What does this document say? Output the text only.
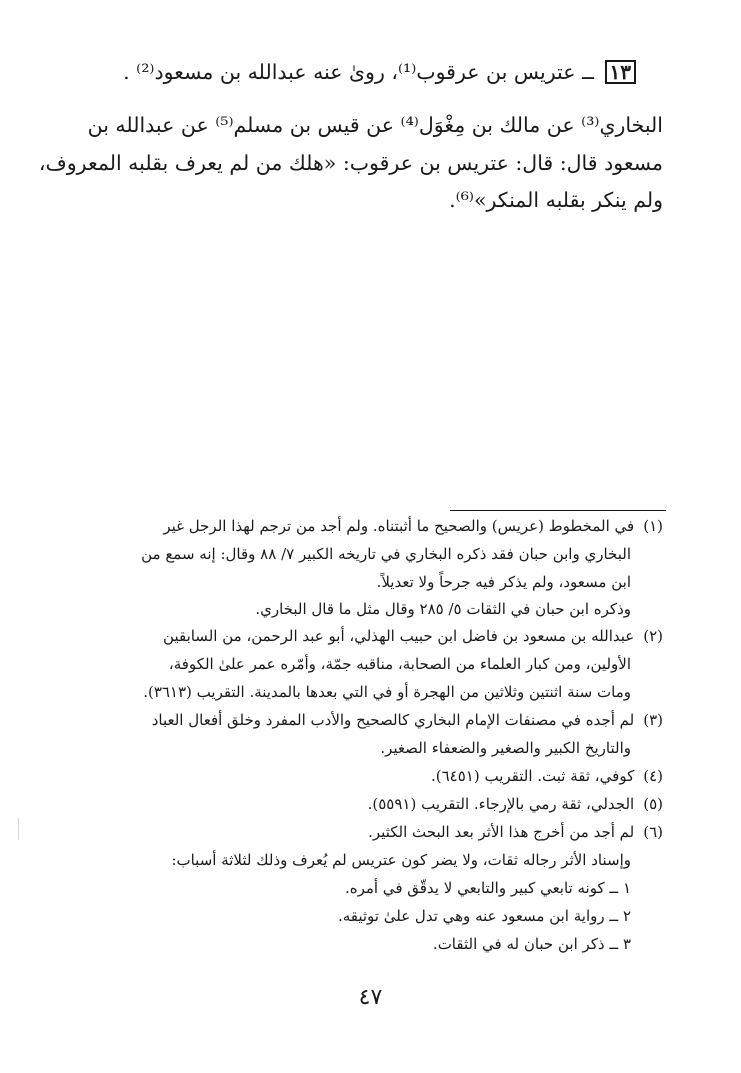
١٣ ــ عتريس بن عرقوب⁽¹⁾، روىٰ عنه عبدالله بن مسعود⁽²⁾ .
البخاري⁽³⁾ عن مالك بن مِغْوَل⁽⁴⁾ عن قيس بن مسلم⁽⁵⁾ عن عبدالله بن
مسعود قال: قال: عتريس بن عرقوب: «هلك من لم يعرف بقلبه المعروف،
ولم ينكر بقلبه المنكر»⁽⁶⁾.
(١) في المخطوط (عريس) والصحيح ما أثبتناه. ولم أجد من ترجم لهذا الرجل غير
البخاري وابن حبان فقد ذكره البخاري في تاريخه الكبير ٧/ ٨٨ وقال: إنه سمع من
ابن مسعود، ولم يذكر فيه جرحاً ولا تعديلاً.
وذكره ابن حبان في الثقات ٥/ ٢٨٥ وقال مثل ما قال البخاري.
(٢) عبدالله بن مسعود بن فاضل ابن حبيب الهذلي، أبو عبد الرحمن، من السابقين
الأولين، ومن كبار العلماء من الصحابة، مناقبه جمّة، وأمّره عمر علىٰ الكوفة،
ومات سنة اثنتين وثلاثين من الهجرة أو في التي بعدها بالمدينة. التقريب (٣٦١٣).
(٣) لم أجده في مصنفات الإمام البخاري كالصحيح والأدب المفرد وخلق أفعال العباد
والتاريخ الكبير والصغير والضعفاء الصغير.
(٤) كوفي، ثقة ثبت. التقريب (٦٤٥١).
(٥) الجدلي، ثقة رمي بالإرجاء. التقريب (٥٥٩١).
(٦) لم أجد من أخرج هذا الأثر بعد البحث الكثير.
وإسناد الأثر رجاله ثقات، ولا يضر كون عتريس لم يُعرف وذلك لثلاثة أسباب:
١ ــ كونه تابعي كبير والتابعي لا يدقّق في أمره.
٢ ــ رواية ابن مسعود عنه وهي تدل علىٰ توثيقه.
٣ ــ ذكر ابن حبان له في الثقات.
٤٧
